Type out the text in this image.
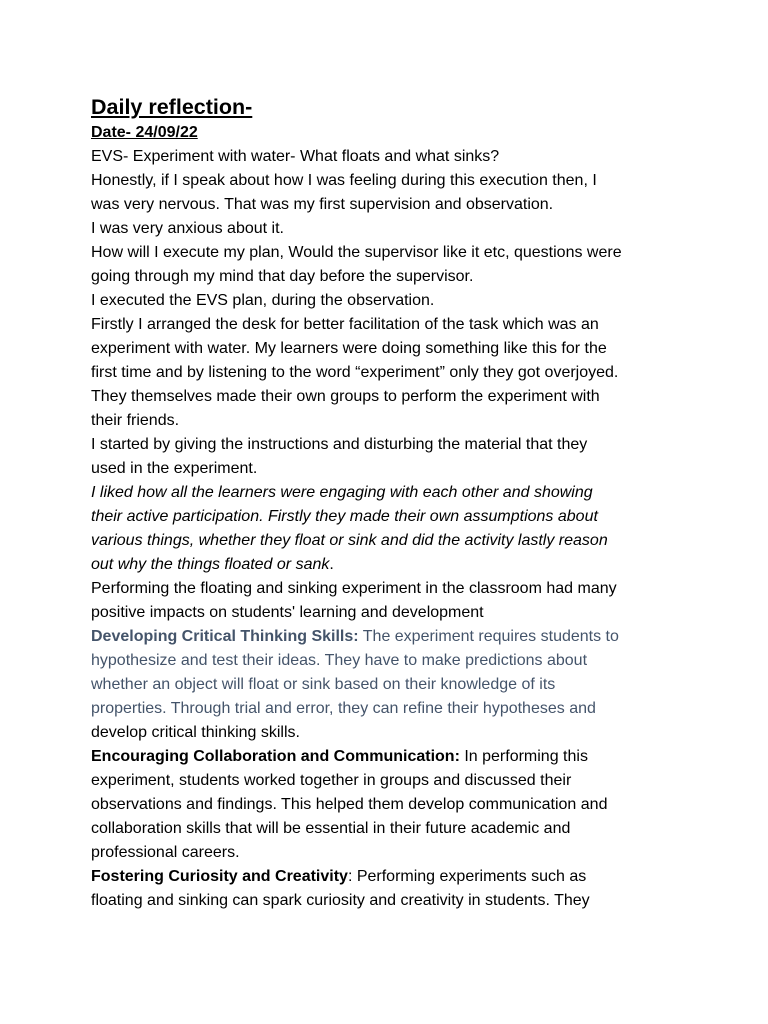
Daily reflection-
Date- 24/09/22
EVS- Experiment with water- What floats and what sinks?
Honestly, if I speak about how I was feeling during this execution then, I
was very nervous. That was my first supervision and observation.
I was very anxious about it.
How will I execute my plan, Would the supervisor like it etc, questions were
going through my mind that day before the supervisor.
I executed the EVS plan, during the observation.
Firstly I arranged the desk for better facilitation of the task which was an
experiment with water. My learners were doing something like this for the
first time and by listening to the word “experiment” only they got overjoyed.
They themselves made their own groups to perform the experiment with
their friends.
I started by giving the instructions and disturbing the material that they
used in the experiment.
I liked how all the learners were engaging with each other and showing
their active participation. Firstly they made their own assumptions about
various things, whether they float or sink and did the activity lastly reason
out why the things floated or sank.
Performing the floating and sinking experiment in the classroom had many
positive impacts on students' learning and development
Developing Critical Thinking Skills: The experiment requires students to
hypothesize and test their ideas. They have to make predictions about
whether an object will float or sink based on their knowledge of its
properties. Through trial and error, they can refine their hypotheses and
develop critical thinking skills.
Encouraging Collaboration and Communication: In performing this
experiment, students worked together in groups and discussed their
observations and findings. This helped them develop communication and
collaboration skills that will be essential in their future academic and
professional careers.
Fostering Curiosity and Creativity: Performing experiments such as
floating and sinking can spark curiosity and creativity in students. They
